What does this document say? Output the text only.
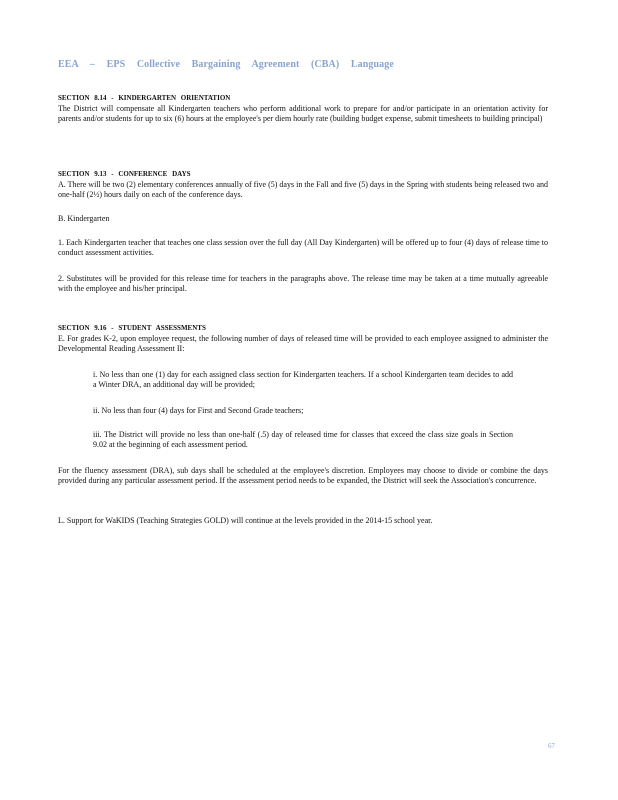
EEA – EPS Collective Bargaining Agreement (CBA) Language
SECTION 8.14 - KINDERGARTEN ORIENTATION

The District will compensate all Kindergarten teachers who perform additional work to prepare for and/or participate in an orientation activity for parents and/or students for up to six (6) hours at the employee's per diem hourly rate (building budget expense, submit timesheets to building principal)

SECTION 9.13 - CONFERENCE DAYS

A. There will be two (2) elementary conferences annually of five (5) days in the Fall and five (5) days in the Spring with students being released two and one-half (2½) hours daily on each of the conference days.

B. Kindergarten

1. Each Kindergarten teacher that teaches one class session over the full day (All Day Kindergarten) will be offered up to four (4) days of release time to conduct assessment activities.

2. Substitutes will be provided for this release time for teachers in the paragraphs above. The release time may be taken at a time mutually agreeable with the employee and his/her principal.

SECTION 9.16 - STUDENT ASSESSMENTS

E. For grades K-2, upon employee request, the following number of days of released time will be provided to each employee assigned to administer the Developmental Reading Assessment II:

i. No less than one (1) day for each assigned class section for Kindergarten teachers. If a school Kindergarten team decides to add a Winter DRA, an additional day will be provided;

ii. No less than four (4) days for First and Second Grade teachers;

iii. The District will provide no less than one-half (.5) day of released time for classes that exceed the class size goals in Section 9.02 at the beginning of each assessment period.

For the fluency assessment (DRA), sub days shall be scheduled at the employee's discretion. Employees may choose to divide or combine the days provided during any particular assessment period. If the assessment period needs to be expanded, the District will seek the Association's concurrence.

L. Support for WaKIDS (Teaching Strategies GOLD) will continue at the levels provided in the 2014-15 school year.

67
